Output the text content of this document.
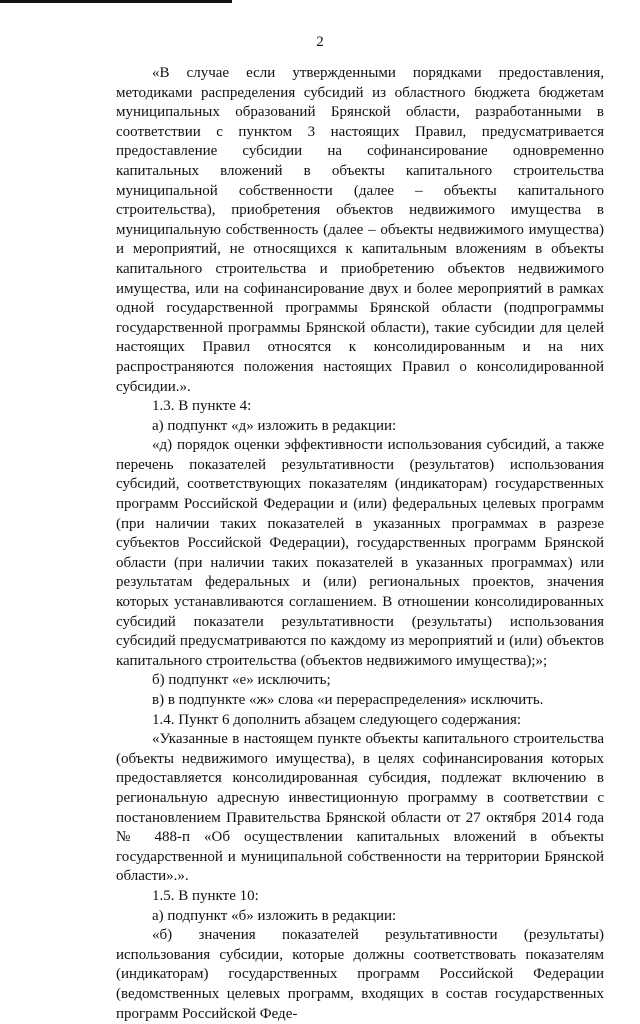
2

«В случае если утвержденными порядками предоставления, методиками распределения субсидий из областного бюджета бюджетам муниципальных образований Брянской области, разработанными в соответствии с пунктом 3 настоящих Правил, предусматривается предоставление субсидии на софинансирование одновременно капитальных вложений в объекты капитального строительства муниципальной собственности (далее – объекты капитального строительства), приобретения объектов недвижимого имущества в муниципальную собственность (далее – объекты недвижимого имущества) и мероприятий, не относящихся к капитальным вложениям в объекты капитального строительства и приобретению объектов недвижимого имущества, или на софинансирование двух и более мероприятий в рамках одной государственной программы Брянской области (подпрограммы государственной программы Брянской области), такие субсидии для целей настоящих Правил относятся к консолидированным и на них распространяются положения настоящих Правил о консолидированной субсидии.».

1.3. В пункте 4:

а) подпункт «д» изложить в редакции:

«д) порядок оценки эффективности использования субсидий, а также перечень показателей результативности (результатов) использования субсидий, соответствующих показателям (индикаторам) государственных программ Российской Федерации и (или) федеральных целевых программ (при наличии таких показателей в указанных программах в разрезе субъектов Российской Федерации), государственных программ Брянской области (при наличии таких показателей в указанных программах) или результатам федеральных и (или) региональных проектов, значения которых устанавливаются соглашением. В отношении консолидированных субсидий показатели результативности (результаты) использования субсидий предусматриваются по каждому из мероприятий и (или) объектов капитального строительства (объектов недвижимого имущества);»;

б) подпункт «е» исключить;

в) в подпункте «ж» слова «и перераспределения» исключить.

1.4. Пункт 6 дополнить абзацем следующего содержания:

«Указанные в настоящем пункте объекты капитального строительства (объекты недвижимого имущества), в целях софинансирования которых предоставляется консолидированная субсидия, подлежат включению в региональную адресную инвестиционную программу в соответствии с постановлением Правительства Брянской области от 27 октября 2014 года № 488-п «Об осуществлении капитальных вложений в объекты государственной и муниципальной собственности на территории Брянской области».».

1.5. В пункте 10:

а) подпункт «б» изложить в редакции:

«б) значения показателей результативности (результаты) использования субсидии, которые должны соответствовать показателям (индикаторам) государственных программ Российской Федерации (ведомственных целевых программ, входящих в состав государственных программ Российской Феде-
